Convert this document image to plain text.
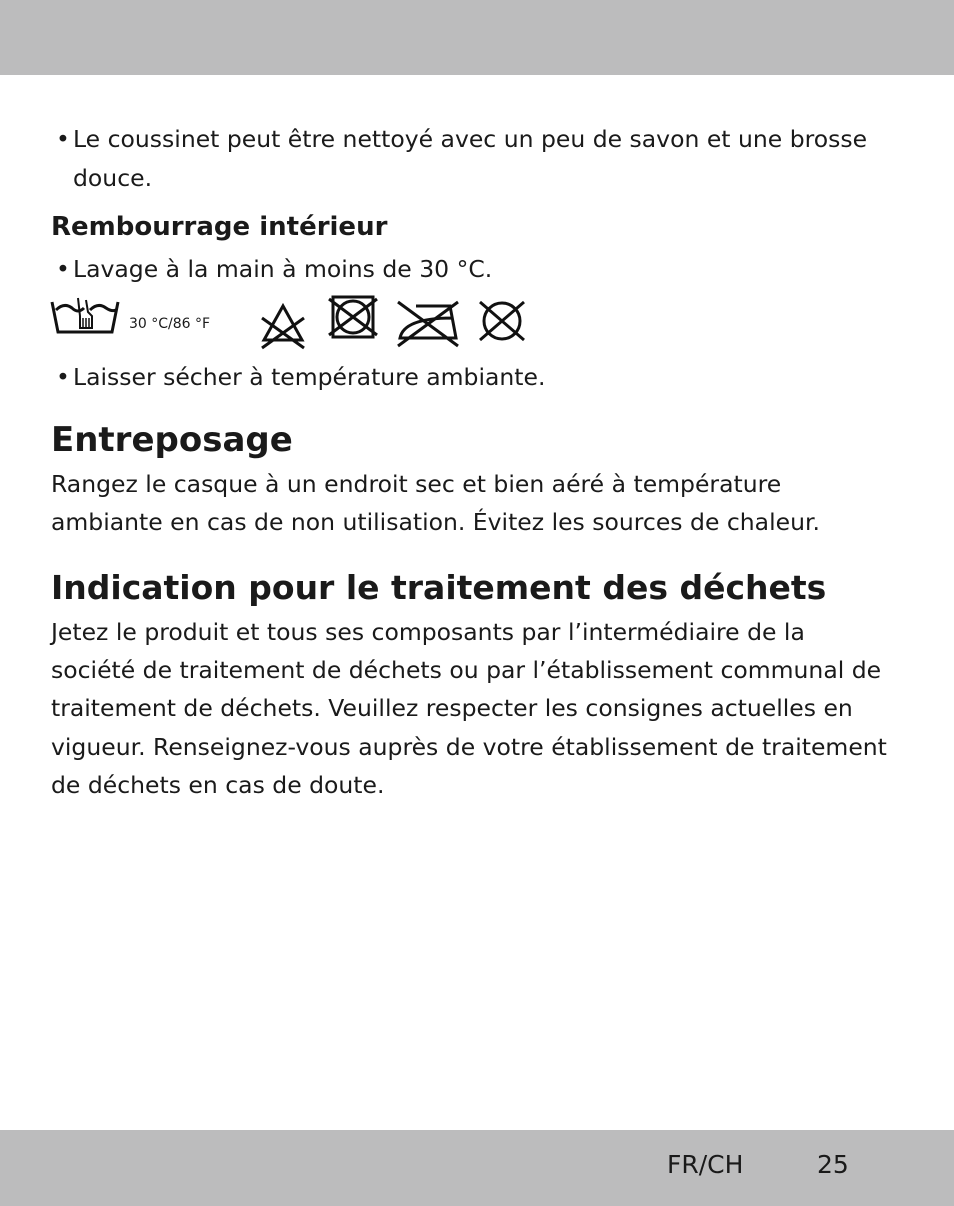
• Le coussinet peut être nettoyé avec un peu de savon et une brosse
douce.
Rembourrage intérieur
• Lavage à la main à moins de 30 °C.
30 °C/86 °F
• Laisser sécher à température ambiante.
Entreposage
Rangez le casque à un endroit sec et bien aéré à température
ambiante en cas de non utilisation. Évitez les sources de chaleur.
Indication pour le traitement des déchets
Jetez le produit et tous ses composants par l’intermédiaire de la
société de traitement de déchets ou par l’établissement communal de
traitement de déchets. Veuillez respecter les consignes actuelles en
vigueur. Renseignez-vous auprès de votre établissement de traitement
de déchets en cas de doute.
FR/CH	25
